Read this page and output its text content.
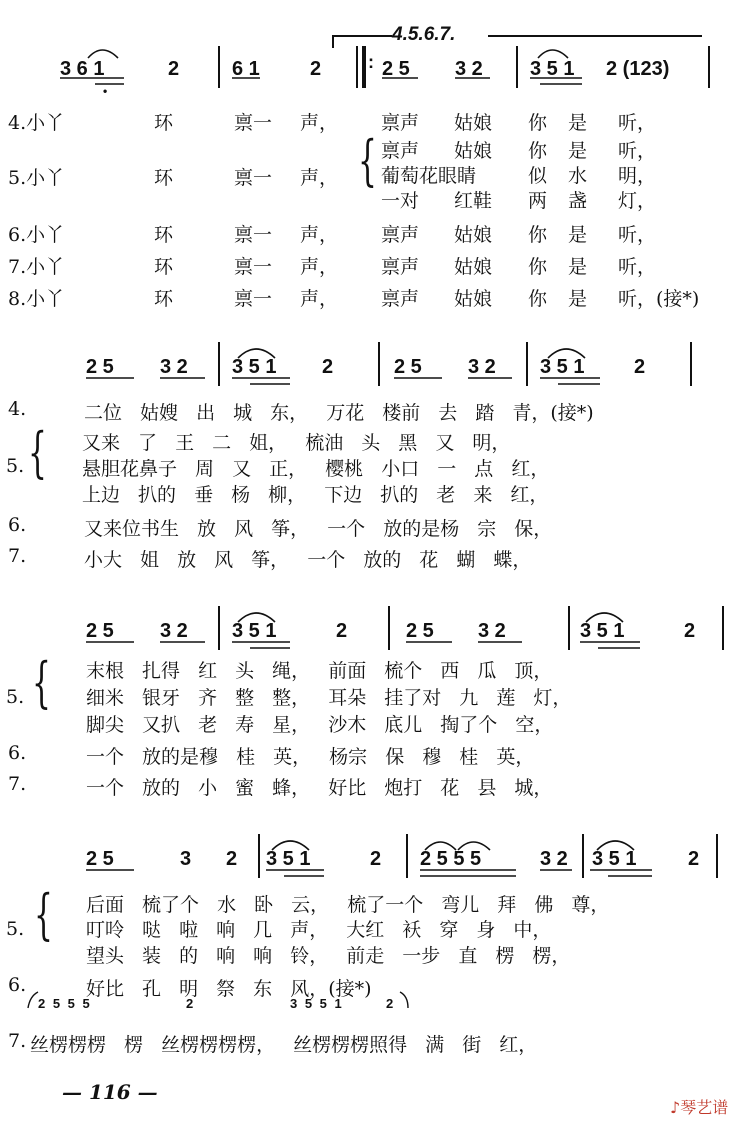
4.5.6.7.
:
3 6 1
•
2	6 1	2	2 5 3 2 3 5 1 2 (123)
4.小丫	环	禀一 声， 禀声 姑娘 你 是 听，
5.小丫	环	禀一 声， { 禀声 姑娘 你 是 听，
葡萄花眼睛	似 水 明，
一对 红鞋 两 盏 灯，
6.小丫	环	禀一 声， 禀声 姑娘 你 是 听，
7.小丫	环	禀一 声， 禀声 姑娘 你 是 听，
8.小丫	环	禀一 声， 禀声 姑娘 你 是 听，(接*)
2 5 3 2 3 5 1 2	2 5 3 2 3 5 1 2
4.	二位 姑嫂 出 城 东， 万花 楼前 去 踏 青，(接*)
5. { 又来 了 王 二 姐， 梳油 头 黑 又 明，
悬胆花鼻子 周 又 正， 樱桃 小口 一 点 红，
上边 扒的 垂 杨 柳， 下边 扒的 老 来 红，
6.	又来位书生 放 风 筝， 一个 放的是杨 宗 保，
7.	小大 姐 放 风 筝， 一个 放的 花 蝴 蝶，
2 5 3 2 3 5 1	2	2 5 3 2	3 5 1	2
5. { 末根 扎得 红 头 绳， 前面 梳个 西 瓜 顶，
细米 银牙 齐 整 整， 耳朵 挂了对 九 莲 灯，
脚尖 又扒 老 寿 星， 沙木 底儿 掏了个 空，
6.	一个 放的是穆 桂 英， 杨宗 保 穆 桂 英，
7.	一个 放的 小 蜜 蜂， 好比 炮打 花 县 城，
2 5	3 2 3 5 1	2 2 5 5 5	3 2 3 5 1	2
5. { 后面 梳了个 水 卧 云， 梳了一个 弯儿 拜 佛 尊，
叮呤 哒 啦 响 几 声， 大红 袄 穿 身 中，
望头 装 的 响 响 铃， 前走 一步 直 楞 楞，
6.	好比 孔 明 祭 东 风，(接*)
2 5 5 5	2	3 5 5 1	2
7. 丝楞楞楞 楞 丝楞楞楞楞， 丝楞楞楞照得 满 街 红，
— 116 —
♪琴艺谱
